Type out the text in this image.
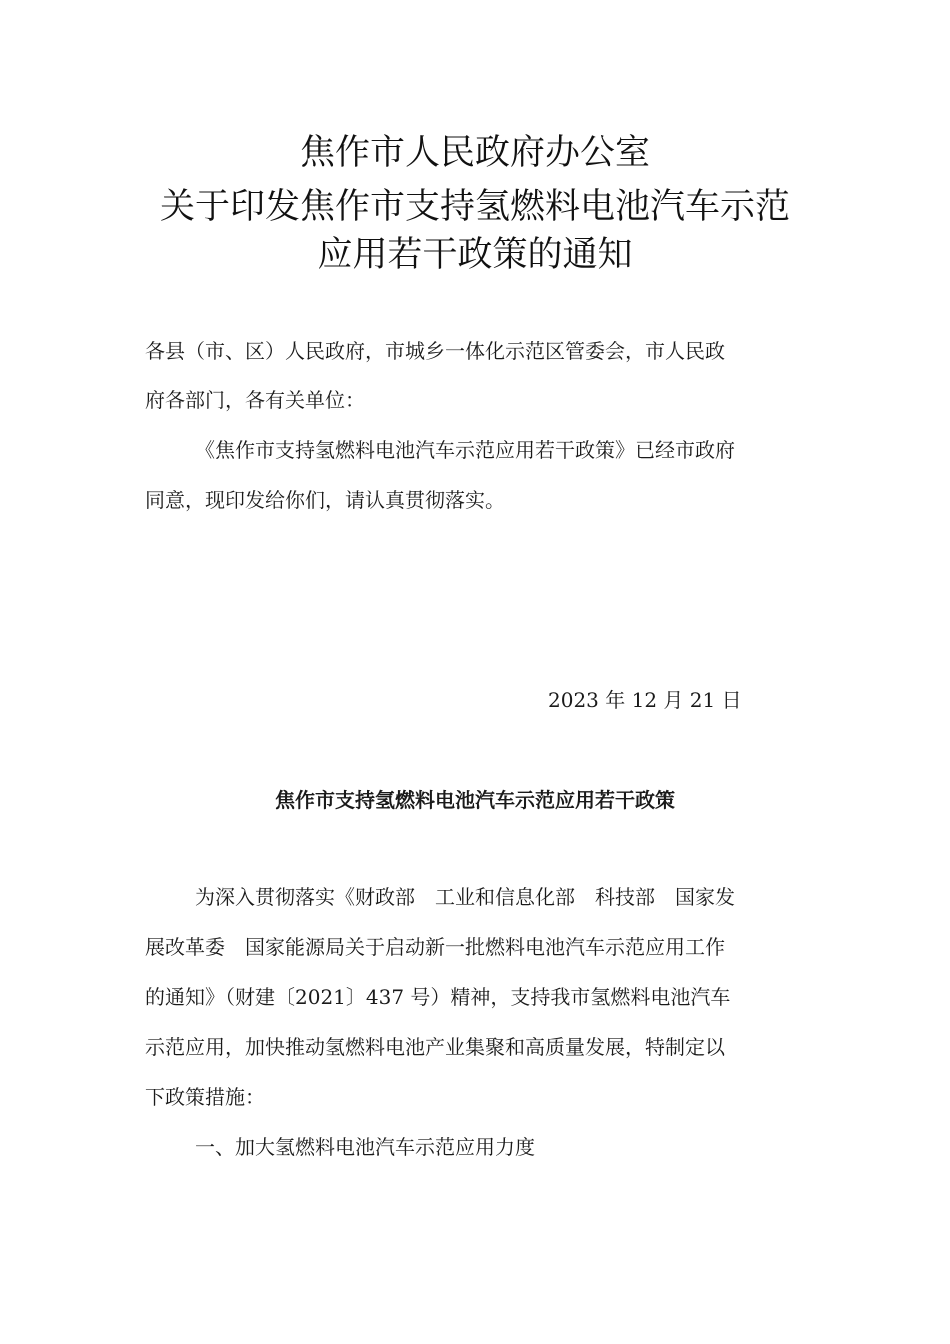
焦作市人民政府办公室
关于印发焦作市支持氢燃料电池汽车示范
应用若干政策的通知
各县（市、区）人民政府，市城乡一体化示范区管委会，市人民政
府各部门，各有关单位：
《焦作市支持氢燃料电池汽车示范应用若干政策》已经市政府
同意，现印发给你们，请认真贯彻落实。
2023 年 12 月 21 日
焦作市支持氢燃料电池汽车示范应用若干政策
为深入贯彻落实《财政部　工业和信息化部　科技部　国家发
展改革委　国家能源局关于启动新一批燃料电池汽车示范应用工作
的通知》（财建〔2021〕437 号）精神，支持我市氢燃料电池汽车
示范应用，加快推动氢燃料电池产业集聚和高质量发展，特制定以
下政策措施：
一、加大氢燃料电池汽车示范应用力度
